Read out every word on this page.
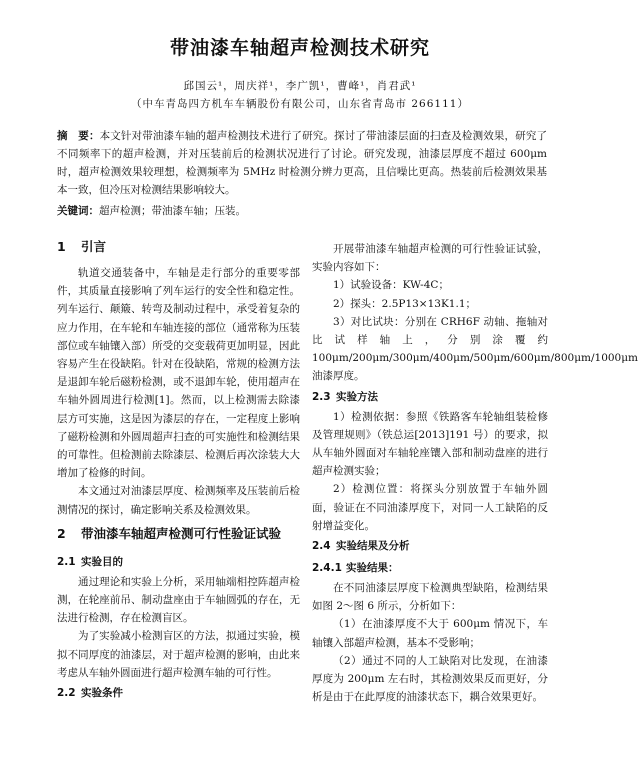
带油漆车轴超声检测技术研究
邱国云¹，周庆祥¹，李广凯¹，曹峰¹，肖君武¹
（中车青岛四方机车车辆股份有限公司，山东省青岛市 266111）
摘　要：本文针对带油漆车轴的超声检测技术进行了研究。探讨了带油漆层面的扫查及检测效果，研究了不同频率下的超声检测，并对压装前后的检测状况进行了讨论。研究发现，油漆层厚度不超过 600μm 时，超声检测效果较理想，检测频率为 5MHz 时检测分辨力更高，且信噪比更高。热装前后检测效果基本一致，但冷压对检测结果影响较大。
关键词：超声检测；带油漆车轴；压装。
1 引言
轨道交通装备中，车轴是走行部分的重要零部件，其质量直接影响了列车运行的安全性和稳定性。列车运行、颠簸、转弯及制动过程中，承受着复杂的应力作用，在车轮和车轴连接的部位（通常称为压装部位或车轴镶入部）所受的交变载荷更加明显，因此容易产生在役缺陷。针对在役缺陷，常规的检测方法是退卸车轮后磁粉检测，或不退卸车轮，使用超声在车轴外圆周进行检测[1]。然而，以上检测需去除漆层方可实施，这是因为漆层的存在，一定程度上影响了磁粉检测和外圆周超声扫查的可实施性和检测结果的可靠性。但检测前去除漆层、检测后再次涂装大大增加了检修的时间。
本文通过对油漆层厚度、检测频率及压装前后检测情况的探讨，确定影响关系及检测效果。
2 带油漆车轴超声检测可行性验证试验
2.1 实验目的
通过理论和实验上分析，采用轴端相控阵超声检测，在轮座前吊、制动盘座由于车轴圆弧的存在，无法进行检测，存在检测盲区。
为了实验减小检测盲区的方法，拟通过实验，模拟不同厚度的油漆层，对于超声检测的影响，由此来考虑从车轴外圆面进行超声检测车轴的可行性。
2.2 实验条件
开展带油漆车轴超声检测的可行性验证试验，实验内容如下：
1）试验设备：KW-4C；
2）探头：2.5P13×13K1.1；
3）对比试块：分别在 CRH6F 动轴、拖轴对比试样轴上，分别涂覆约 100μm/200μm/300μm/400μm/500μm/600μm/800μm/1000μm 油漆厚度。
2.3 实验方法
1）检测依据：参照《铁路客车轮轴组装检修及管理规则》（铁总运[2013]191 号）的要求，拟从车轴外圆面对车轴轮座镶入部和制动盘座的进行超声检测实验；
2）检测位置：将探头分别放置于车轴外圆面，验证在不同油漆厚度下，对同一人工缺陷的反射增益变化。
2.4 实验结果及分析
2.4.1 实验结果：
在不同油漆层厚度下检测典型缺陷，检测结果如图 2～图 6 所示，分析如下：
（1）在油漆厚度不大于 600μm 情况下，车轴镶入部超声检测，基本不受影响；
（2）通过不同的人工缺陷对比发现，在油漆厚度为 200μm 左右时，其检测效果反而更好，分析是由于在此厚度的油漆状态下，耦合效果更好。
